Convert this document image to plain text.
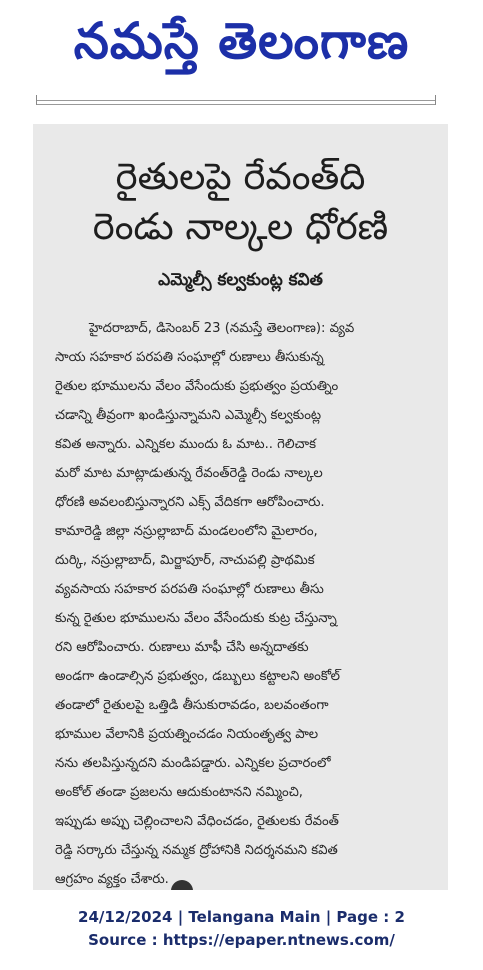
నమస్తే తెలంగాణ
రైతులపై రేవంత్‌ది
రెండు నాల్కల ధోరణి
ఎమ్మెల్సీ కల్వకుంట్ల కవిత
హైదరాబాద్, డిసెంబర్ 23 (నమస్తే తెలంగాణ): వ్యవ
సాయ సహకార పరపతి సంఘాల్లో రుణాలు తీసుకున్న
రైతుల భూములను వేలం వేసేందుకు ప్రభుత్వం ప్రయత్నిం
చడాన్ని తీవ్రంగా ఖండిస్తున్నామని ఎమ్మెల్సీ కల్వకుంట్ల
కవిత అన్నారు. ఎన్నికల ముందు ఓ మాట.. గెలిచాక
మరో మాట మాట్లాడుతున్న రేవంత్‌రెడ్డి రెండు నాల్కల
ధోరణి అవలంబిస్తున్నారని ఎక్స్ వేదికగా ఆరోపించారు.
కామారెడ్డి జిల్లా నస్రుల్లాబాద్ మండలంలోని మైలారం,
దుర్కి, నస్రుల్లాబాద్, మిర్జాపూర్, నాచుపల్లి ప్రాథమిక
వ్యవసాయ సహకార పరపతి సంఘాల్లో రుణాలు తీసు
కున్న రైతుల భూములను వేలం వేసేందుకు కుట్ర చేస్తున్నా
రని ఆరోపించారు. రుణాలు మాఫీ చేసి అన్నదాతకు
అండగా ఉండాల్సిన ప్రభుత్వం, డబ్బులు కట్టాలని అంకోల్
తండాలో రైతులపై ఒత్తిడి తీసుకురావడం, బలవంతంగా
భూముల వేలానికి ప్రయత్నించడం నియంతృత్వ పాల
నను తలపిస్తున్నదని మండిపడ్డారు. ఎన్నికల ప్రచారంలో
అంకోల్ తండా ప్రజలను ఆదుకుంటానని నమ్మించి,
ఇప్పుడు అప్పు చెల్లించాలని వేధించడం, రైతులకు రేవంత్
రెడ్డి సర్కారు చేస్తున్న నమ్మక ద్రోహానికి నిదర్శనమని కవిత
ఆగ్రహం వ్యక్తం చేశారు.
24/12/2024 | Telangana Main | Page : 2
Source : https://epaper.ntnews.com/
